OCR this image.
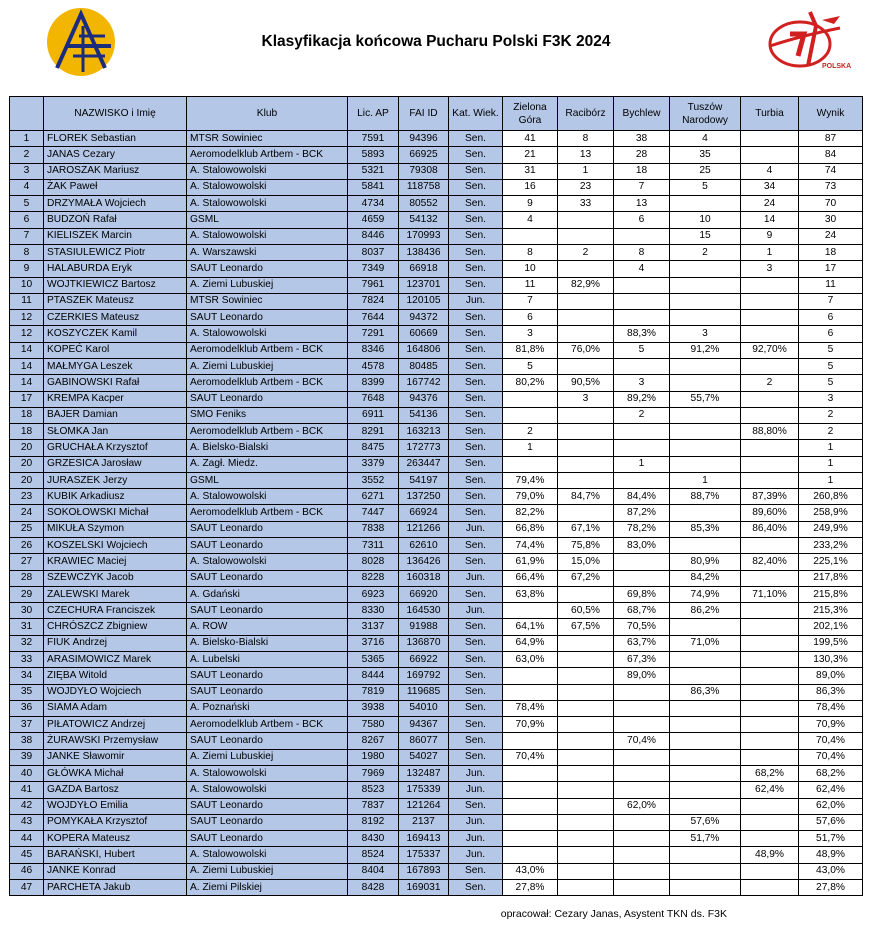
Klasyfikacja końcowa Pucharu Polski F3K 2024
POLSKA
	NAZWISKO i Imię	Klub	Lic. AP	FAI ID	Kat. Wiek.	Zielona Góra	Racibórz	Bychlew	Tuszów Narodowy	Turbia	Wynik
1	FLOREK Sebastian	MTSR Sowiniec	7591	94396	Sen.	41	8	38	4		87
2	JANAS Cezary	Aeromodelklub Artbem - BCK	5893	66925	Sen.	21	13	28	35		84
3	JAROSZAK Mariusz	A. Stalowowolski	5321	79308	Sen.	31	1	18	25	4	74
4	ŻAK Paweł	A. Stalowowolski	5841	118758	Sen.	16	23	7	5	34	73
5	DRZYMAŁA Wojciech	A. Stalowowolski	4734	80552	Sen.	9	33	13		24	70
6	BUDZOŃ Rafał	GSML	4659	54132	Sen.	4		6	10	14	30
7	KIELISZEK Marcin	A. Stalowowolski	8446	170993	Sen.				15	9	24
8	STASIULEWICZ Piotr	A. Warszawski	8037	138436	Sen.	8	2	8	2	1	18
9	HALABURDA Eryk	SAUT Leonardo	7349	66918	Sen.	10		4		3	17
10	WOJTKIEWICZ Bartosz	A. Ziemi Lubuskiej	7961	123701	Sen.	11	82,9%				11
11	PTASZEK Mateusz	MTSR Sowiniec	7824	120105	Jun.	7					7
12	CZERKIES Mateusz	SAUT Leonardo	7644	94372	Sen.	6					6
12	KOSZYCZEK Kamil	A. Stalowowolski	7291	60669	Sen.	3		88,3%	3		6
14	KOPEĆ Karol	Aeromodelklub Artbem - BCK	8346	164806	Sen.	81,8%	76,0%	5	91,2%	92,70%	5
14	MAŁMYGA Leszek	A. Ziemi Lubuskiej	4578	80485	Sen.	5					5
14	GABINOWSKI Rafał	Aeromodelklub Artbem - BCK	8399	167742	Sen.	80,2%	90,5%	3		2	5
17	KREMPA Kacper	SAUT Leonardo	7648	94376	Sen.		3	89,2%	55,7%		3
18	BAJER Damian	SMO Feniks	6911	54136	Sen.			2			2
18	SŁOMKA Jan	Aeromodelklub Artbem - BCK	8291	163213	Sen.	2				88,80%	2
20	GRUCHAŁA Krzysztof	A. Bielsko-Bialski	8475	172773	Sen.	1					1
20	GRZESICA Jarosław	A. Zagł. Miedz.	3379	263447	Sen.			1			1
20	JURASZEK Jerzy	GSML	3552	54197	Sen.	79,4%			1		1
23	KUBIK Arkadiusz	A. Stalowowolski	6271	137250	Sen.	79,0%	84,7%	84,4%	88,7%	87,39%	260,8%
24	SOKOŁOWSKI Michał	Aeromodelklub Artbem - BCK	7447	66924	Sen.	82,2%		87,2%		89,60%	258,9%
25	MIKUŁA Szymon	SAUT Leonardo	7838	121266	Jun.	66,8%	67,1%	78,2%	85,3%	86,40%	249,9%
26	KOSZELSKI Wojciech	SAUT Leonardo	7311	62610	Sen.	74,4%	75,8%	83,0%			233,2%
27	KRAWIEC Maciej	A. Stalowowolski	8028	136426	Sen.	61,9%	15,0%		80,9%	82,40%	225,1%
28	SZEWCZYK Jacob	SAUT Leonardo	8228	160318	Jun.	66,4%	67,2%		84,2%		217,8%
29	ZALEWSKI Marek	A. Gdański	6923	66920	Sen.	63,8%		69,8%	74,9%	71,10%	215,8%
30	CZECHURA Franciszek	SAUT Leonardo	8330	164530	Jun.		60,5%	68,7%	86,2%		215,3%
31	CHRÓSZCZ Zbigniew	A. ROW	3137	91988	Sen.	64,1%	67,5%	70,5%			202,1%
32	FIUK Andrzej	A. Bielsko-Bialski	3716	136870	Sen.	64,9%		63,7%	71,0%		199,5%
33	ARASIMOWICZ Marek	A. Lubelski	5365	66922	Sen.	63,0%		67,3%			130,3%
34	ZIĘBA Witold	SAUT Leonardo	8444	169792	Sen.			89,0%			89,0%
35	WOJDYŁO Wojciech	SAUT Leonardo	7819	119685	Sen.				86,3%		86,3%
36	SIAMA Adam	A. Poznański	3938	54010	Sen.	78,4%					78,4%
37	PIŁATOWICZ Andrzej	Aeromodelklub Artbem - BCK	7580	94367	Sen.	70,9%					70,9%
38	ŻURAWSKI Przemysław	SAUT Leonardo	8267	86077	Sen.			70,4%			70,4%
39	JANKE Sławomir	A. Ziemi Lubuskiej	1980	54027	Sen.	70,4%					70,4%
40	GŁÓWKA Michał	A. Stalowowolski	7969	132487	Jun.					68,2%	68,2%
41	GAZDA Bartosz	A. Stalowowolski	8523	175339	Jun.					62,4%	62,4%
42	WOJDYŁO Emilia	SAUT Leonardo	7837	121264	Sen.			62,0%			62,0%
43	POMYKAŁA Krzysztof	SAUT Leonardo	8192	2137	Jun.				57,6%		57,6%
44	KOPERA Mateusz	SAUT Leonardo	8430	169413	Jun.				51,7%		51,7%
45	BARAŃSKI, Hubert	A. Stalowowolski	8524	175337	Jun.					48,9%	48,9%
46	JANKE Konrad	A. Ziemi Lubuskiej	8404	167893	Sen.	43,0%					43,0%
47	PARCHETA Jakub	A. Ziemi Pilskiej	8428	169031	Sen.	27,8%					27,8%
opracował: Cezary Janas, Asystent TKN ds. F3K
